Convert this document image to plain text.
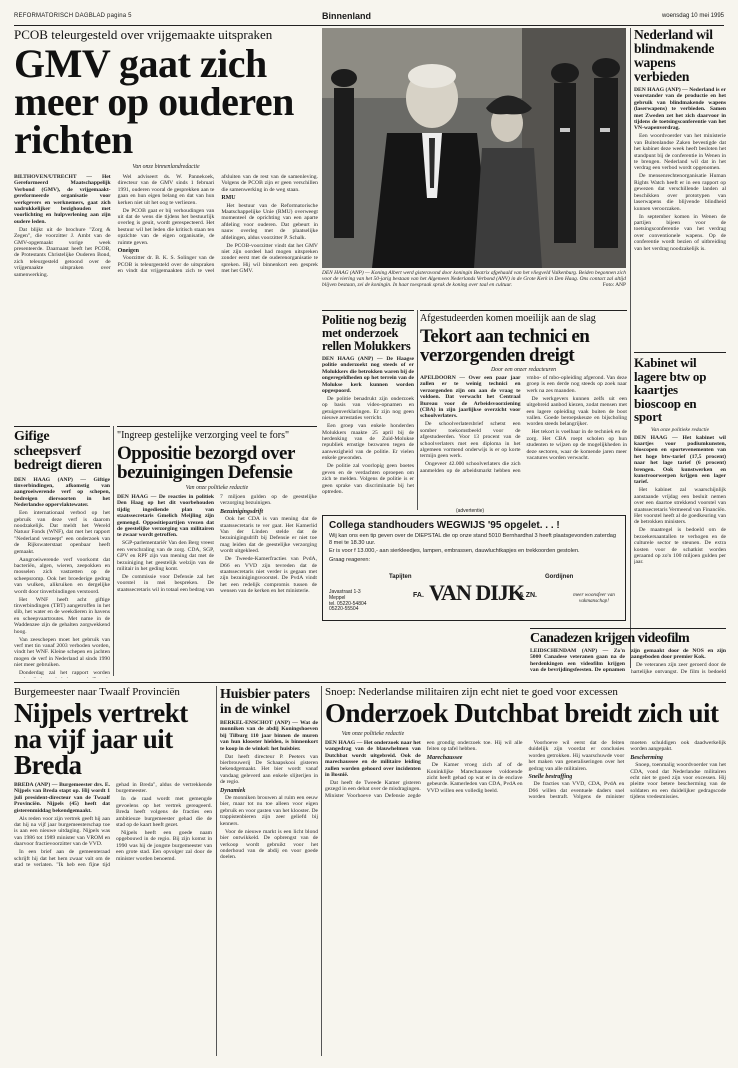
REFORMATORISCH DAGBLAD pagina 5	Binnenland	woensdag 10 mei 1995
PCOB teleurgesteld over vrijgemaakte uitspraken
GMV gaat zich meer op ouderen richten
Van onze binnenlandredactie

BILTHOVEN/UTRECHT — Het Gereformeerd Maatschappelijk Verbond (GMV), de vrijgemaakt-gereformeerde organisatie voor werkgevers en werknemers, gaat zich nadrukkelijker bezighouden met voorlichting en hulpverlening aan zijn oudere leden.

Dat blijkt uit de brochure "Zorg & Zegen", die voorzitter J. Ambt van de GMV-opgemaakt vorige week presenteerde. Daarnaast heeft het PCOB, de Protestants Christelijke Ouderen Bond, zich teleurgesteld getoond over de vrijgemaakte uitspraken over samenwerking.

Wel adviseert ds. W. Pannekoek, directeur van de GMV sinds 1 februari 1991, ouderen vooral de gesprekken aan te gaan en hun eigen belang en dat van hun kerken niet uit het oog te verliezen.

De PCOB gaat er bij verhoudingen van uit dat de wens die tijdens het bestuurlijk overleg is geuit, wordt gerespecteerd. Het bestuur wil het leden die kritisch staan ten opzichte van de eigen organisatie, de ruimte geven.

Oneigen

Voorzitter dr. B. K. S. Solinger van de PCOB is teleurgesteld over de uitspraken en vindt dat vrijgemaakten zich te veel afsluiten van de rest van de samenleving. Volgens de PCOB zijn er geen verschillen die samenwerking in de weg staan.

RMU

Het bestuur van de Reformatorische Maatschappelijke Unie (RMU) overweegt momenteel de oprichting van een aparte afdeling voor ouderen. Dat gebeurt in nauw overleg met de plaatselijke afdelingen, aldus voorzitter P. Schalk.

De PCOB-voorzitter vindt dat het GMV niet zijn oordeel had mogen uitspreken zonder eerst met de ouderenorganisatie te spreken. Hij wil binnenkort een gesprek met het GMV.	DEN HAAG (ANP) — Koning Albert werd gisteravond door koningin Beatrix afgehaald van het vliegveld Valkenburg. Beiden begonnen zich voor de viering van het 50-jarig bestaan van het Algemeen Nederlands Verbond (ANV) in de Grote Kerk in Den Haag. Ons contact zal altijd blijven bestaan, zei de koningin. In haar toespraak sprak de koning over taal en cultuur.	Foto: ANP
Nederland wil blindmakende wapens verbieden

DEN HAAG (ANP) — Nederland is er voorstander van de productie en het gebruik van blindmakende wapens (laserwapens) te verbieden. Samen met Zweden zet het zich daarvoor in tijdens de toetsingsconferentie van het VN-wapenverdrag.

Een woordvoerder van het ministerie van Buitenlandse Zaken bevestigde dat het kabinet deze week heeft besloten het standpunt bij de conferentie in Wenen in te brengen. Nederland wil dat in het verdrag een verbod wordt opgenomen.

De mensenrechtenorganisatie Human Rights Watch heeft er in een rapport op gewezen dat verschillende landen al beschikken over prototypen van laserwapens die blijvende blindheid kunnen veroorzaken.

In september komen in Wenen de partijen bijeen voor de toetsingsconferentie van het verdrag over conventionele wapens. Op de conferentie wordt bezien of uitbreiding van het verdrag noodzakelijk is.

Kabinet wil lagere btw op kaartjes bioscoop en sport
Van onze politieke redactie

DEN HAAG — Het kabinet wil kaartjes voor podiumkunsten, bioscopen en sportevenementen van het hoge btw-tarief (17,5 procent) naar het lage tarief (6 procent) brengen. Ook kunstwerken en kunstvoorwerpen krijgen een lager tarief.

Het kabinet zal waarschijnlijk aanstaande vrijdag een besluit nemen over een daartoe strekkend voorstel van staatssecretaris Vermeend van Financiën. Het voorstel heeft al de goedkeuring van de betrokken ministers.

De maatregel is bedoeld om de bezoekersaantallen te verhogen en de culturele sector te steunen. De extra kosten voor de schatkist worden geraamd op zo'n 100 miljoen gulden per jaar.

Gifige scheepsverf bedreigt dieren

DEN HAAG (ANP) — Giftige tinverbindingen, afkomstig van aangroeiwerende verf op schepen, bedreigen diersoorten in het Nederlandse oppervlaktewater.

Een internationaal verbod op het gebruik van deze verf is daarom noodzakelijk. Dat meldt het Wereld Natuur Fonds (WNF), dat met het rapport "Nederland verzeept" een onderzoek van de Rijkswaterstaat openbaar heeft gemaakt.

Aangroeiwerende verf voorkomt dat bacteriën, algen, wieren, zeepokken en mosselen zich vastzetten op de scheepsromp. Ook het broederige gedrag van wulken, alikruiken en dergelijke wordt door tinverbindingen verstoord.

Het WNF heeft acht giftige tinverbindingen (TBT) aangetroffen in het slib, het water en de weekdieren in havens en scheepvaartroutes. Met name in de Waddenzee zijn de gehalten zorgwekkend hoog.

Van zeeschepen moet het gebruik van verf met tin vanaf 2003 verboden worden, vindt het WNF. Kleine schepen en jachten mogen de verf in Nederland al sinds 1990 niet meer gebruiken.

Donderdag zal het rapport worden

"Ingreep gestelijke verzorging veel te fors"
Oppositie bezorgd over bezuinigingen Defensie
Van onze politieke redactie

DEN HAAG — De reacties in politiek Den Haag op het dit voorbehouden tijdig ingediende plan van staatssecretaris Gmelich Meijling zijn gemengd. Oppositiepartijen vrezen dat de geestelijke verzorging van militairen te zwaar wordt getroffen.

SGP-parlementariër Van den Berg vreest een verschraling van de zorg. CDA, SGP, GPV en RPF zijn van mening dat met de bezuiniging het geestelijk welzijn van de militair in het geding komt.

De commissie voor Defensie zal het voorstel in mei bespreken. De staatssecretaris wil in totaal een bedrag van 7 miljoen gulden op de geestelijke verzorging bezuinigen.

Bezuinigingsdrift

Ook het CDA is van mening dat de staatssecretaris te ver gaat. Het Kamerlid Van der Linden stelde dat de bezuinigingsdrift bij Defensie er niet toe mag leiden dat de geestelijke verzorging wordt uitgekleed.

De Tweede-Kamerfracties van PvdA, D66 en VVD zijn tevreden dat de staatssecretaris niet verder is gegaan met zijn bezuinigingsvoorstel. De PvdA vindt het een redelijk compromis tussen de wensen van de kerken en het ministerie.

(advertentie)
Collega standhouders WEGWIJS '95 opgelet. . . !
Wij kan ons een tip geven over de DIEPSTAL die op onze stand 5010 Bernhardhal 3 heeft plaatsgevonden zaterdag 8 mei te 18.30 uur.
Er is voor f 13.000,- aan sierkleedjes, lampen, embrassen, dauwluchtkapjes en trekkoorden gestolen.
Graag reageren:
Tapijten	Gordijnen
FA. VAN DIJK
& ZN.
Javastraat 1-3
Meppel
tel. 05220-54804
05220-55504
meer woonsfeer van vakmanschap!
Politie nog bezig met onderzoek rellen Molukkers

DEN HAAG (ANP) — De Haagse politie onderzoekt nog steeds of er Molukkers die betrokken waren bij de ongeregeldheden op het terrein van de Molukse kerk kunnen worden opgespoord.

De politie benadrukt zijn onderzoek op basis van video-opnamen en getuigenverklaringen. Er zijn nog geen nieuwe arrestaties verricht.

Een groep van enkele honderden Molukkers maakte 25 april bij de herdenking van de Zuid-Molukse republiek ernstige bezwaren tegen de aanwezigheid van de politie. Er vielen enkele gewonden.

De politie zal voorlopig geen boetes geven en de verdachten oproepen om zich te melden. Volgens de politie is er geen sprake van discriminatie bij het optreden.

Afgestudeerden komen moeilijk aan de slag
Tekort aan technici en verzorgenden dreigt
Door een onzer redacteuren

APELDOORN — Over een paar jaar zullen er te weinig technici en verzorgenden zijn om aan de vraag te voldoen. Dat verwacht het Centraal Bureau voor de Arbeidsvoorziening (CBA) in zijn jaarlijkse overzicht voor schoolverlaters.

De schoolverlatersbrief schetst een somber toekomstbeeld voor de afgestudeerden. Voor 13 procent van de schoolverlaters met een diploma in het algemeen vormend onderwijs is er op korte termijn geen werk.

Ongeveer 42.000 schoolverlaters die zich aanmelden op de arbeidsmarkt hebben een vmbo- of mbo-opleiding afgerond. Van deze groep is een derde nog steeds op zoek naar werk na zes maanden.

De werkgevers kunnen zelfs uit een uitgebreid aanbod kiezen, zodat mensen met een lagere opleiding vaak buiten de boot vallen. Goede beroepskeuze en bijscholing worden steeds belangrijker.

Het tekort is voelbaar in de techniek en de zorg. Het CBA roept scholen op hun studenten te wijzen op de mogelijkheden in deze sectoren, waar de komende jaren meer vacatures worden verwacht.

Canadezen krijgen videofilm

LEIDSCHENDAM (ANP) — Zo'n 5000 Canadese veteranen gaan na de herdenkingen een videofilm krijgen van de bevrijdingsfeesten. De opnamen zijn gemaakt door de NOS en zijn aangeboden door premier Kok.

De veteranen zijn zeer geroerd door de hartelijke ontvangst. De film is bedoeld

Burgemeester naar Twaalf Provinciën
Nijpels vertrekt na vijf jaar uit Breda

BREDA (ANP) — Burgemeester drs. E. Nijpels van Breda stapt op. Hij wordt 1 juli president-directeur van de Twaalf Provinciën. Nijpels (45) heeft dat gisterenmiddag bekendgemaakt.

Als reden voor zijn vertrek geeft hij aan dat hij na vijf jaar burgemeesterschap toe is aan een nieuwe uitdaging. Nijpels was van 1986 tot 1989 minister van VROM en daarvoor fractievoorzitter van de VVD.

In een brief aan de gemeenteraad schrijft hij dat het hem zwaar valt om de stad te verlaten. "Ik heb een fijne tijd gehad in Breda", aldus de vertrekkende burgemeester.

In de raad wordt met gemengde gevoelens op het vertrek gereageerd. Breda heeft volgens de fracties een ambitieuze burgemeester gehad die de stad op de kaart heeft gezet.

Nijpels heeft een goede naam opgebouwd in de regio. Bij zijn komst in 1990 was hij de jongste burgemeester van een grote stad. Een opvolger zal door de minister worden benoemd.

Huisbier paters in de winkel

BERKEL-ENSCHOT (ANP) — Wat de monniken van de abdij Koningshoeven bij Tilburg 110 jaar binnen de muren van hun klooster hielden, is binnenkort te koop in de winkel: het huisbier.

Dat heeft directeur P. Peeters van bierbrouwerij De Schaapskooi gisteren bekendgemaakt. Het bier wordt vanaf vandaag geleverd aan enkele slijterijen in de regio.

Dynamiek

De monniken brouwen al ruim een eeuw bier, maar tot nu toe alleen voor eigen gebruik en voor gasten van het klooster. De trappistenbieren zijn zeer geliefd bij kenners.

Voor de nieuwe markt is een licht blond bier ontwikkeld. De opbrengst van de verkoop wordt gebruikt voor het onderhoud van de abdij en voor goede doelen.

Snoep: Nederlandse militairen zijn echt niet te goed voor excessen
Onderzoek Dutchbat breidt zich uit
Van onze politieke redactie

DEN HAAG — Het onderzoek naar het wangedrag van de blauwhelmen van Dutchbat wordt uitgebreid. Ook de marechaussee en de militaire leiding zullen worden gehoord over incidenten in Bosnië.

Dat heeft de Tweede Kamer gisteren gezegd in een debat over de misdragingen. Minister Voorhoeve van Defensie zegde een grondig onderzoek toe. Hij wil alle feiten op tafel hebben.

Marechaussee

De Kamer vroeg zich af of de Koninklijke Marechaussee voldoende zicht heeft gehad op wat er in de enclave gebeurde. Kamerleden van CDA, PvdA en VVD willen een volledig beeld.

Voorhoeve wil eerst dat de feiten duidelijk zijn voordat er conclusies worden getrokken. Hij waarschuwde voor het maken van generaliseringen over het gedrag van alle militairen.

Snelle bestraffing

De fracties van VVD, CDA, PvdA en D66 willen dat eventuele daders snel worden bestraft. Volgens de minister moeten schuldigen ook daadwerkelijk worden aangepakt.

Bescherming

Snoep, toenmalig woordvoerder van het CDA, vond dat Nederlandse militairen echt niet te goed zijn voor excessen. Hij pleitte voor betere bescherming van de soldaten en een duidelijker gedragscode tijdens vredesmissies.
